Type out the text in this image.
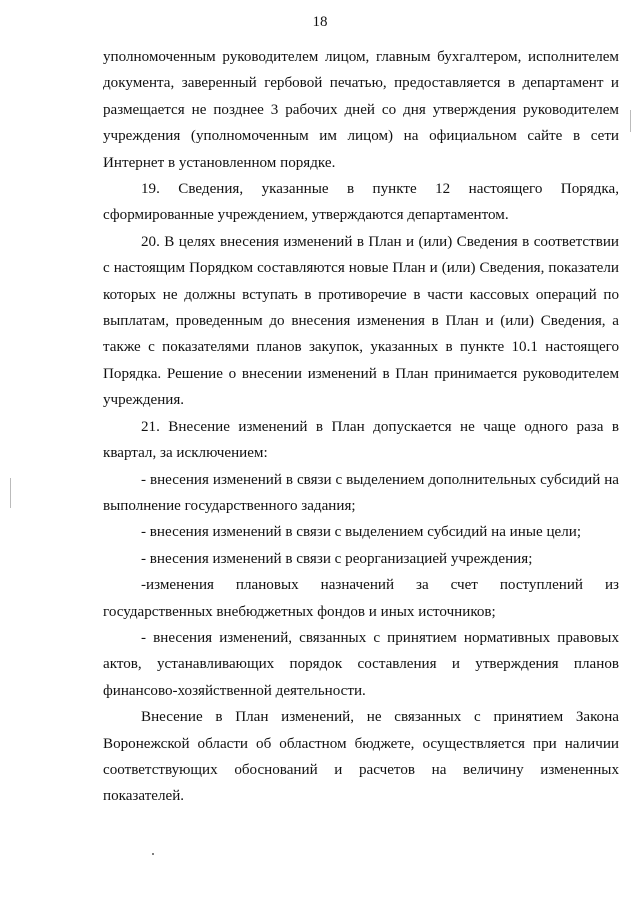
18

уполномоченным руководителем лицом, главным бухгалтером, исполнителем документа, заверенный гербовой печатью, предоставляется в департамент и размещается не позднее 3 рабочих дней со дня утверждения руководителем учреждения (уполномоченным им лицом) на официальном сайте в сети Интернет в установленном порядке.

19. Сведения, указанные в пункте 12 настоящего Порядка, сформированные учреждением, утверждаются департаментом.

20. В целях внесения изменений в План и (или) Сведения в соответствии с настоящим Порядком составляются новые План и (или) Сведения, показатели которых не должны вступать в противоречие в части кассовых операций по выплатам, проведенным до внесения изменения в План и (или) Сведения, а также с показателями планов закупок, указанных в пункте 10.1 настоящего Порядка. Решение о внесении изменений в План принимается руководителем учреждения.

21. Внесение изменений в План допускается не чаще одного раза в квартал, за исключением:

- внесения изменений в связи с выделением дополнительных субсидий на выполнение государственного задания;

- внесения изменений в связи с выделением субсидий на иные цели;

- внесения изменений в связи с реорганизацией учреждения;

-изменения плановых назначений за счет поступлений из государственных внебюджетных фондов и иных источников;

- внесения изменений, связанных с принятием нормативных правовых актов, устанавливающих порядок составления и утверждения планов финансово-хозяйственной деятельности.

Внесение в План изменений, не связанных с принятием Закона Воронежской области об областном бюджете, осуществляется при наличии соответствующих обоснований и расчетов на величину измененных показателей.
